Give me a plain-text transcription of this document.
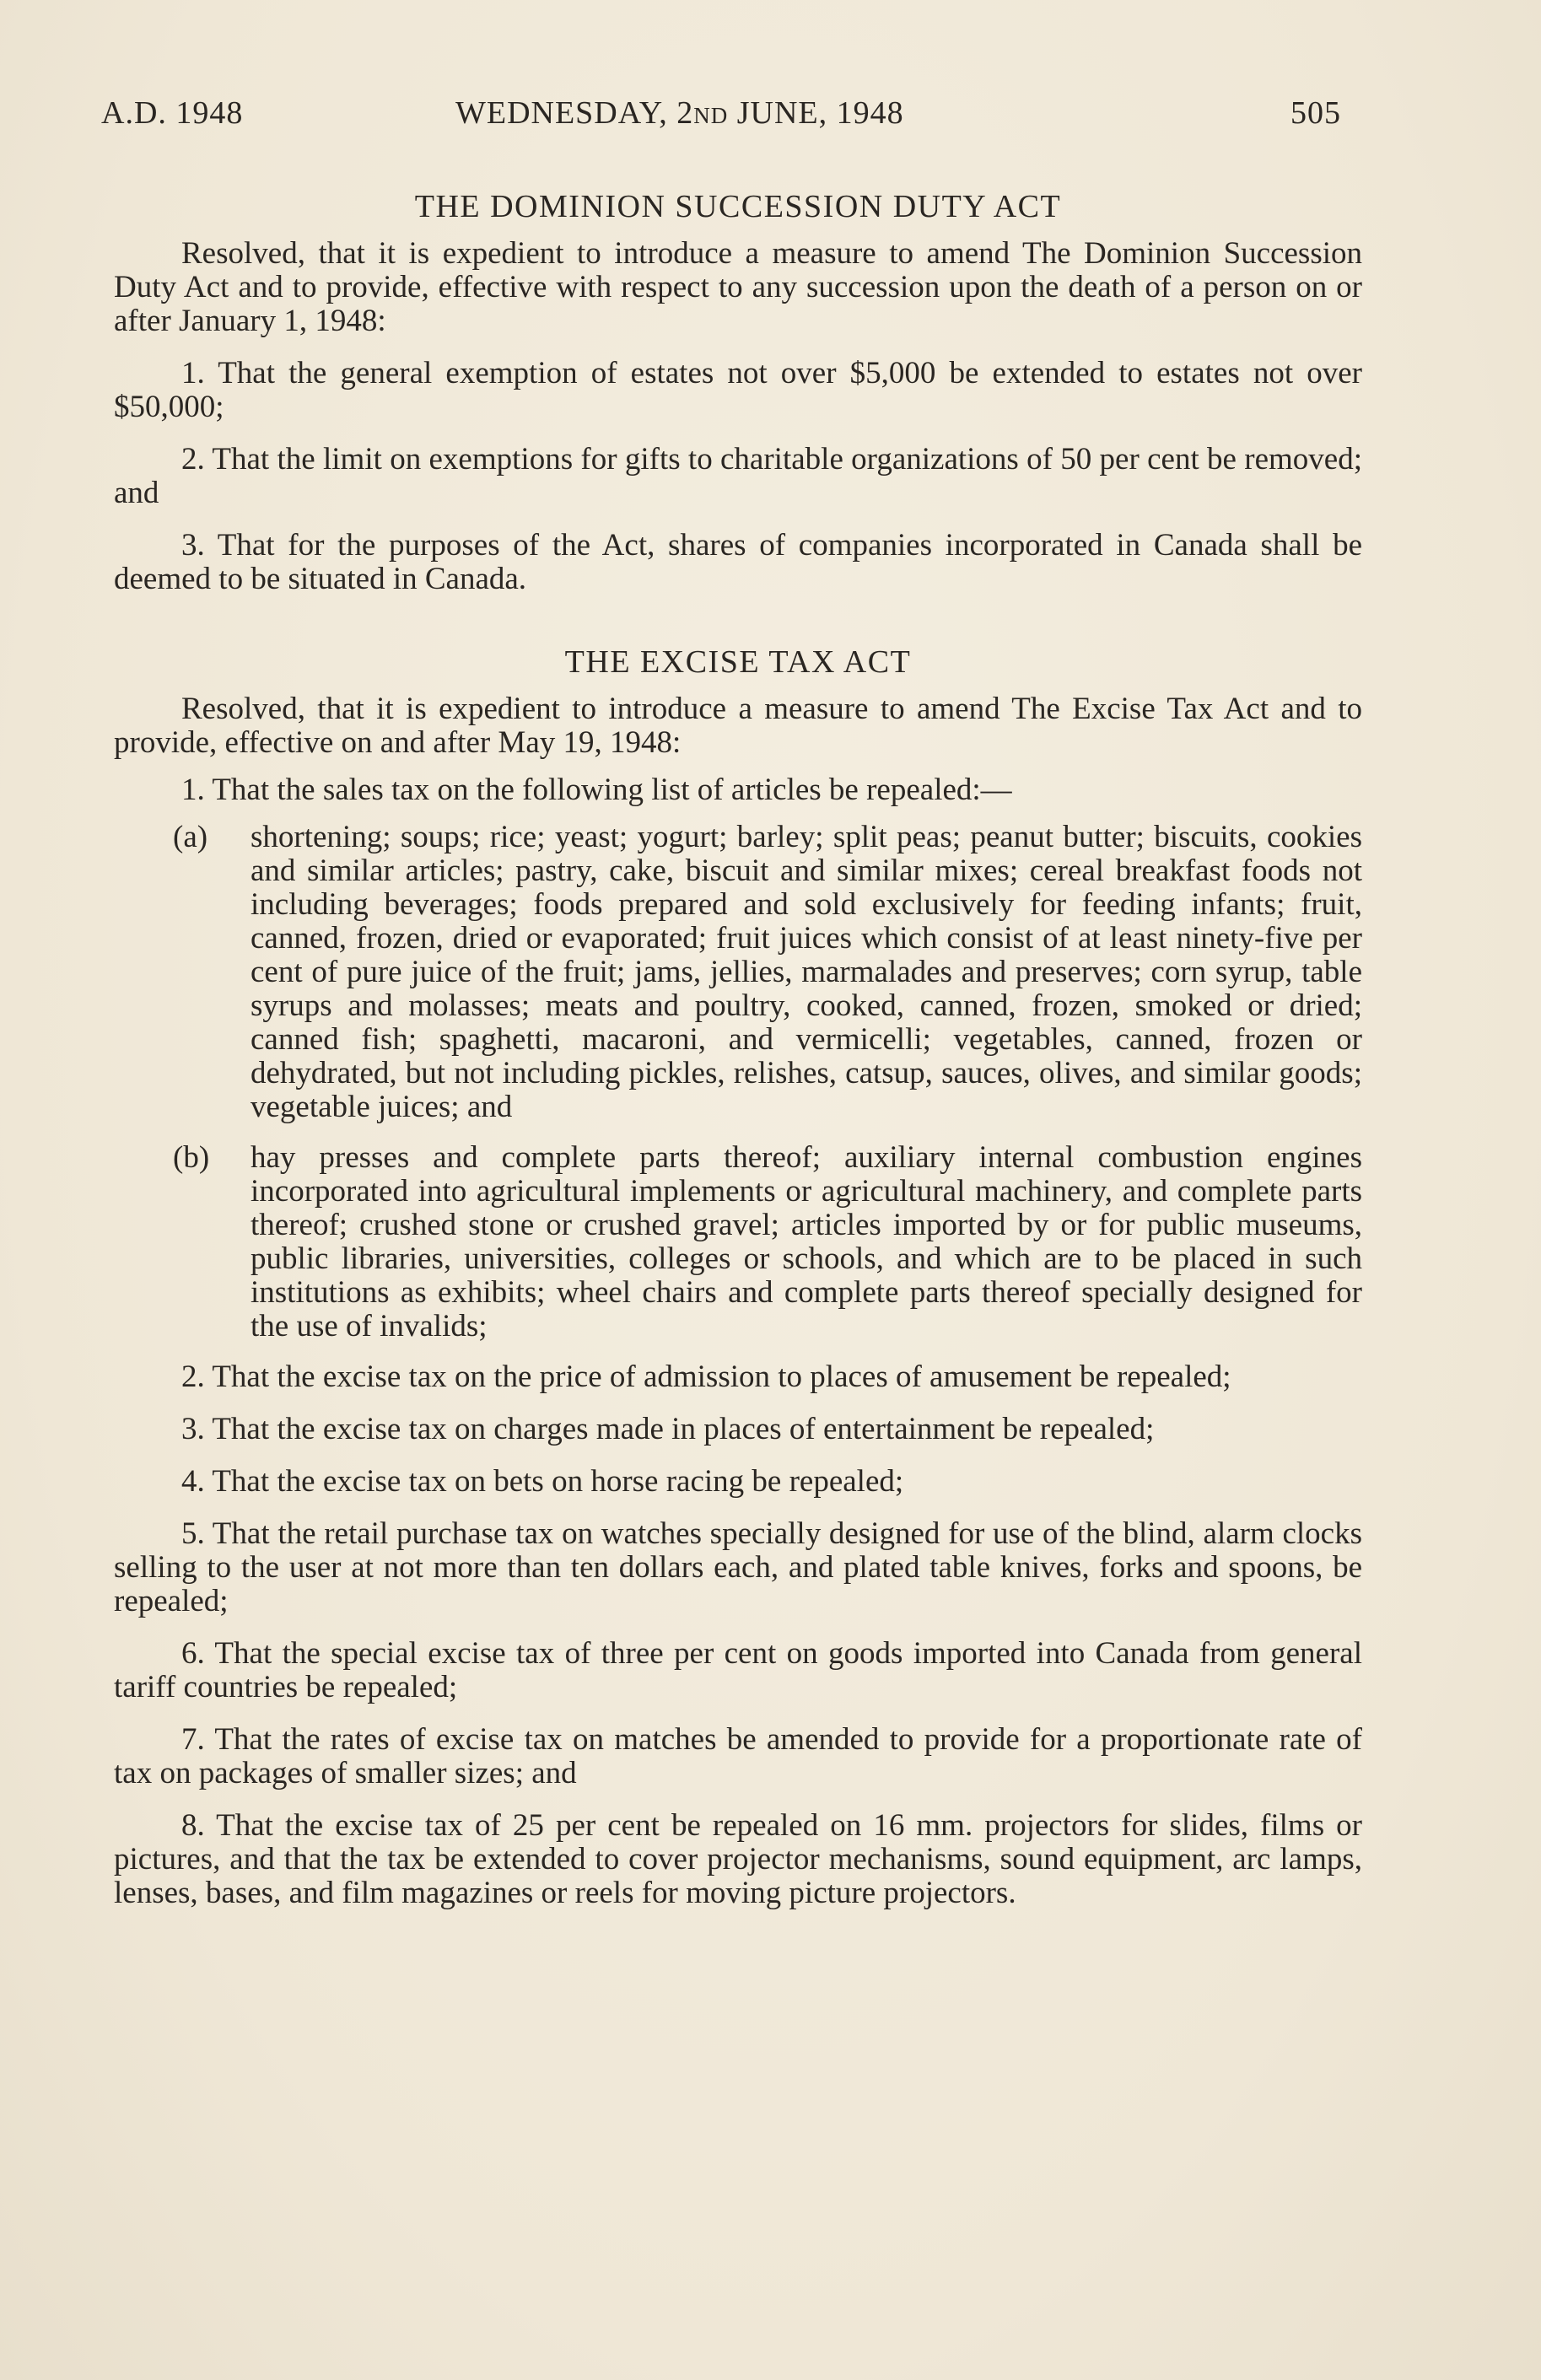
A.D. 1948	WEDNESDAY, 2ND JUNE, 1948	505
THE DOMINION SUCCESSION DUTY ACT

Resolved, that it is expedient to introduce a measure to amend The Dominion Succession Duty Act and to provide, effective with respect to any succession upon the death of a person on or after January 1, 1948:

1. That the general exemption of estates not over $5,000 be extended to estates not over $50,000;

2. That the limit on exemptions for gifts to charitable organizations of 50 per cent be removed; and

3. That for the purposes of the Act, shares of companies incorporated in Canada shall be deemed to be situated in Canada.

THE EXCISE TAX ACT

Resolved, that it is expedient to introduce a measure to amend The Excise Tax Act and to provide, effective on and after May 19, 1948:

1. That the sales tax on the following list of articles be repealed:—

(a) shortening; soups; rice; yeast; yogurt; barley; split peas; peanut butter; biscuits, cookies and similar articles; pastry, cake, biscuit and similar mixes; cereal breakfast foods not including beverages; foods prepared and sold exclusively for feeding infants; fruit, canned, frozen, dried or evaporated; fruit juices which consist of at least ninety-five per cent of pure juice of the fruit; jams, jellies, marmalades and preserves; corn syrup, table syrups and molasses; meats and poultry, cooked, canned, frozen, smoked or dried; canned fish; spaghetti, macaroni, and vermicelli; vegetables, canned, frozen or dehydrated, but not including pickles, relishes, catsup, sauces, olives, and similar goods; vegetable juices; and
(b) hay presses and complete parts thereof; auxiliary internal combustion engines incorporated into agricultural implements or agricultural machinery, and complete parts thereof; crushed stone or crushed gravel; articles imported by or for public museums, public libraries, universities, colleges or schools, and which are to be placed in such institutions as exhibits; wheel chairs and complete parts thereof specially designed for the use of invalids;

2. That the excise tax on the price of admission to places of amusement be repealed;

3. That the excise tax on charges made in places of entertainment be repealed;

4. That the excise tax on bets on horse racing be repealed;

5. That the retail purchase tax on watches specially designed for use of the blind, alarm clocks selling to the user at not more than ten dollars each, and plated table knives, forks and spoons, be repealed;

6. That the special excise tax of three per cent on goods imported into Canada from general tariff countries be repealed;

7. That the rates of excise tax on matches be amended to provide for a proportionate rate of tax on packages of smaller sizes; and

8. That the excise tax of 25 per cent be repealed on 16 mm. projectors for slides, films or pictures, and that the tax be extended to cover projector mechanisms, sound equipment, arc lamps, lenses, bases, and film magazines or reels for moving picture projectors.
